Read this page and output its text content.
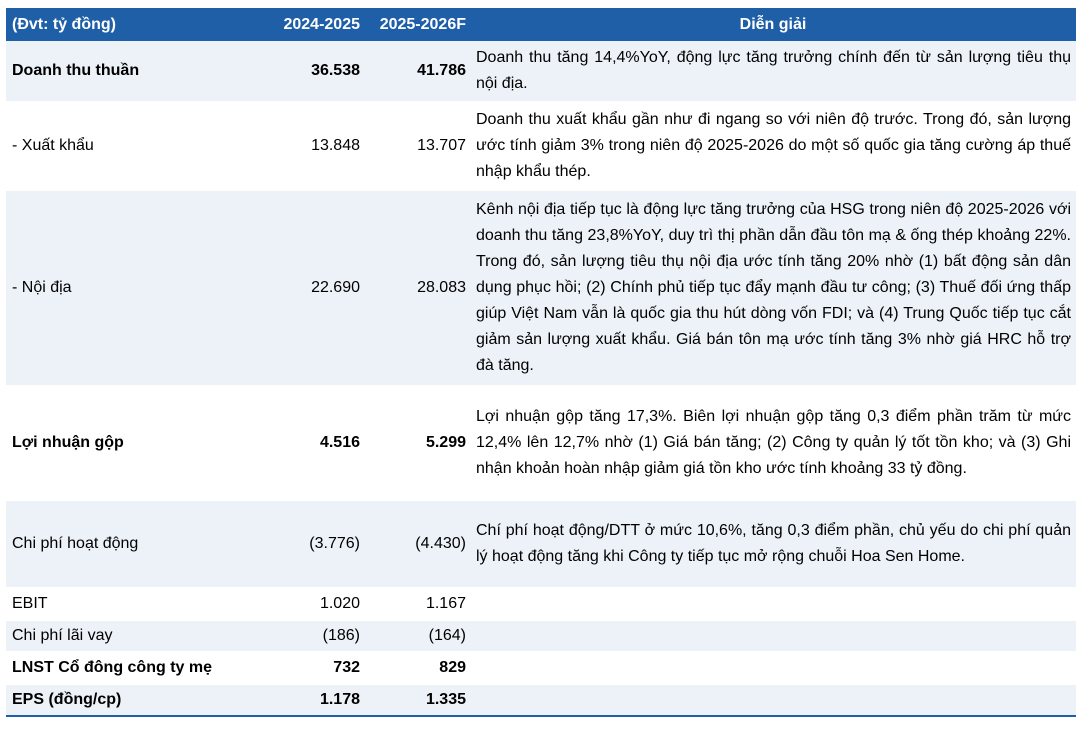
(Đvt: tỷ đồng)	2024-2025	2025-2026F	Diễn giải
Doanh thu thuần	36.538	41.786	Doanh thu tăng 14,4%YoY, động lực tăng trưởng chính đến từ sản lượng tiêu thụ nội địa.
- Xuất khẩu	13.848	13.707	Doanh thu xuất khẩu gần như đi ngang so với niên độ trước. Trong đó, sản lượng ước tính giảm 3% trong niên độ 2025-2026 do một số quốc gia tăng cường áp thuế nhập khẩu thép.
- Nội địa	22.690	28.083	Kênh nội địa tiếp tục là động lực tăng trưởng của HSG trong niên độ 2025-2026 với doanh thu tăng 23,8%YoY, duy trì thị phần dẫn đầu tôn mạ & ống thép khoảng 22%. Trong đó, sản lượng tiêu thụ nội địa ước tính tăng 20% nhờ (1) bất động sản dân dụng phục hồi; (2) Chính phủ tiếp tục đẩy mạnh đầu tư công; (3) Thuế đối ứng thấp giúp Việt Nam vẫn là quốc gia thu hút dòng vốn FDI; và (4) Trung Quốc tiếp tục cắt giảm sản lượng xuất khẩu. Giá bán tôn mạ ước tính tăng 3% nhờ giá HRC hỗ trợ đà tăng.
Lợi nhuận gộp	4.516	5.299	Lợi nhuận gộp tăng 17,3%. Biên lợi nhuận gộp tăng 0,3 điểm phần trăm từ mức 12,4% lên 12,7% nhờ (1) Giá bán tăng; (2) Công ty quản lý tốt tồn kho; và (3) Ghi nhận khoản hoàn nhập giảm giá tồn kho ước tính khoảng 33 tỷ đồng.
Chi phí hoạt động	(3.776)	(4.430)	Chí phí hoạt động/DTT ở mức 10,6%, tăng 0,3 điểm phần, chủ yếu do chi phí quản lý hoạt động tăng khi Công ty tiếp tục mở rộng chuỗi Hoa Sen Home.
EBIT	1.020	1.167	
Chi phí lãi vay	(186)	(164)	
LNST Cổ đông công ty mẹ	732	829	
EPS (đồng/cp)	1.178	1.335	
